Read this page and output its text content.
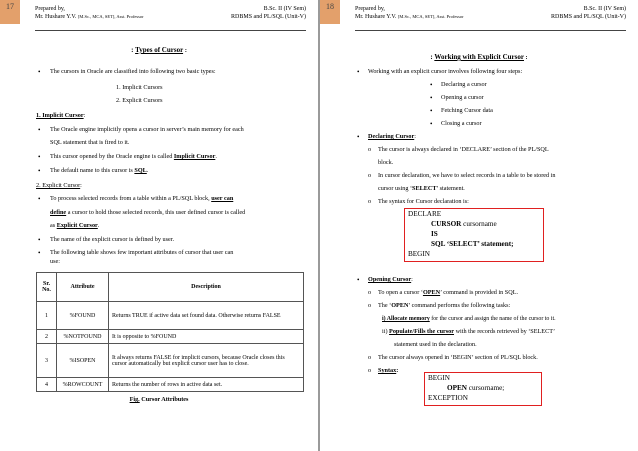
17	Prepared by,
Mr. Hushare Y.V. [M.Sc., MCA, SET], Asst. Professor
B.Sc. II (IV Sem)
RDBMS and PL/SQL (Unit-V)
: Types of Cursor :
• The cursors in Oracle are classified into following two basic types:
1. Implicit Cursors
2. Explicit Cursors
1. Implicit Cursor:
• The Oracle engine implicitly opens a cursor in server’s main memory for each
SQL statement that is fired to it.
• This cursor opened by the Oracle engine is called Implicit Cursor.
• The default name to this cursor is SQL.
2. Explicit Cursor:
• To process selected records from a table within a PL/SQL block, user can
define a cursor to hold those selected records, this user defined cursor is called
as Explicit Cursor.
• The name of the explicit cursor is defined by user.
• The following table shows few important attributes of cursor that user can
use:
Sr. No.	Attribute	Description
1	%FOUND	Returns TRUE if active data set found data. Otherwise returns FALSE
2	%NOTFOUND	It is opposite to %FOUND
3	%ISOPEN	It always returns FALSE for implicit cursors, because Oracle closes this cursor automatically but explicit cursor user has to close.
4	%ROWCOUNT	Returns the number of rows in active data set.
Fig. Cursor Attributes
18	Prepared by,
Mr. Hushare Y.V. [M.Sc., MCA, SET], Asst. Professor
B.Sc. II (IV Sem)
RDBMS and PL/SQL (Unit-V)
: Working with Explicit Cursor :
• Working with an explicit cursor involves following four steps:
• Declaring a cursor
• Opening a cursor
• Fetching Cursor data
• Closing a cursor
• Declaring Cursor:
o The cursor is always declared in ‘DECLARE’ section of the PL/SQL
block.
o In cursor declaration, we have to select records in a table to be stored in
cursor using ‘SELECT’ statement.
o The syntax for Cursor declaration is:
DECLARE
CURSOR cursorname
IS
SQL ‘SELECT’ statement;
BEGIN
• Opening Cursor:
o To open a cursor ‘OPEN’ command is provided in SQL.
o The ‘OPEN’ command performs the following tasks:
i) Allocate memory for the cursor and assign the name of the cursor to it.
ii) Populate/Fills the cursor with the records retrieved by ‘SELECT’
statement used in the declaration.
o The cursor always opened in ‘BEGIN’ section of PL/SQL block.
o Syntax:
BEGIN
OPEN cursorname;
EXCEPTION
